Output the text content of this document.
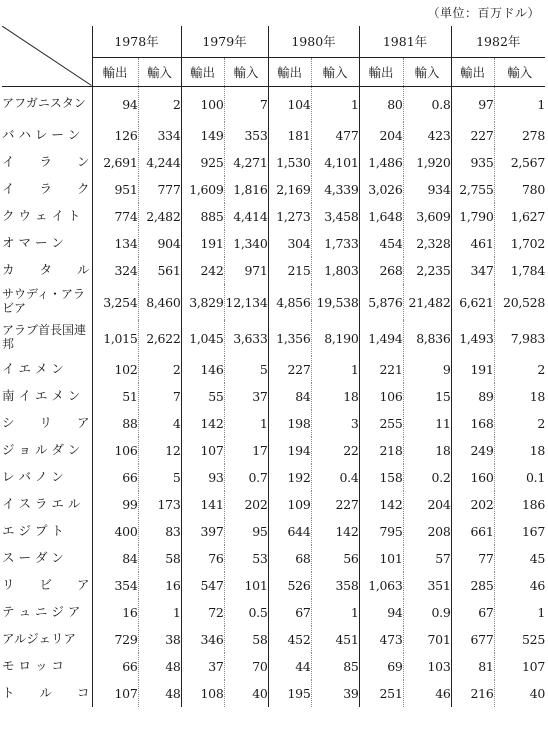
（単位：百万ドル）
	1978年		1979年		1980年		1981年		1982年	
	輸出	輸入	輸出	輸入	輸出	輸入	輸出	輸入	輸出	輸入
アフガニスタン	94	2	100	7	104	1	80	0.8	97	1
バ ハ レ ー ン	126	334	149	353	181	477	204	423	227	278
イ　　ラ　　ン	2,691	4,244	925	4,271	1,530	4,101	1,486	1,920	935	2,567
イ　　ラ　　ク	951	777	1,609	1,816	2,169	4,339	3,026	934	2,755	780
ク ウ ェ イ ト	774	2,482	885	4,414	1,273	3,458	1,648	3,609	1,790	1,627
オ マ ー ン	134	904	191	1,340	304	1,733	454	2,328	461	1,702
カ　　タ　　ル	324	561	242	971	215	1,803	268	2,235	347	1,784
サウディ・アラビア	3,254	8,460	3,829	12,134	4,856	19,538	5,876	21,482	6,621	20,528
アラブ首長国連邦	1,015	2,622	1,045	3,633	1,356	8,190	1,494	8,836	1,493	7,983
イ エ メ ン	102	2	146	5	227	1	221	9	191	2
南 イ エ メ ン	51	7	55	37	84	18	106	15	89	18
シ　　リ　　ア	88	4	142	1	198	3	255	11	168	2
ジ ョ ル ダ ン	106	12	107	17	194	22	218	18	249	18
レ バ ノ ン	66	5	93	0.7	192	0.4	158	0.2	160	0.1
イ ス ラ エ ル	99	173	141	202	109	227	142	204	202	186
エ ジ プ ト	400	83	397	95	644	142	795	208	661	167
ス ー ダ ン	84	58	76	53	68	56	101	57	77	45
リ　　ビ　　ア	354	16	547	101	526	358	1,063	351	285	46
テ ュ ニ ジ ア	16	1	72	0.5	67	1	94	0.9	67	1
アルジェリア	729	38	346	58	452	451	473	701	677	525
モ ロ ッ コ	66	48	37	70	44	85	69	103	81	107
ト　　ル　　コ	107	48	108	40	195	39	251	46	216	40
